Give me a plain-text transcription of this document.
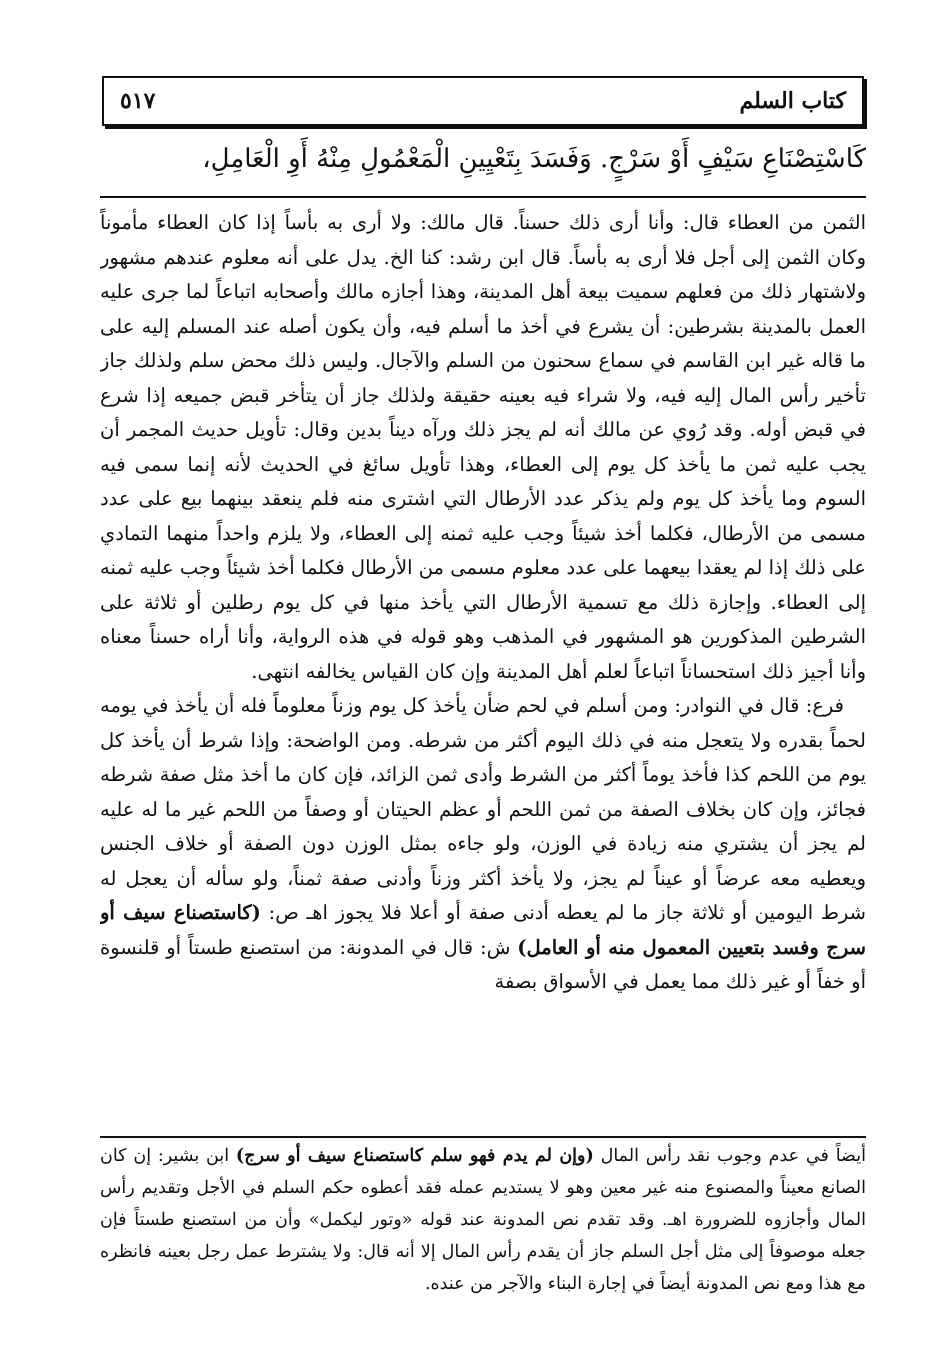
كتاب السلم
٥١٧
كَاسْتِصْنَاعِ سَيْفٍ أَوْ سَرْجٍ. وَفَسَدَ بِتَعْيِينِ الْمَعْمُولِ مِنْهُ أَوِ الْعَامِلِ،

الثمن من العطاء قال: وأنا أرى ذلك حسناً. قال مالك: ولا أرى به بأساً إذا كان العطاء مأموناً وكان الثمن إلى أجل فلا أرى به بأساً. قال ابن رشد: كنا الخ. يدل على أنه معلوم عندهم مشهور ولاشتهار ذلك من فعلهم سميت بيعة أهل المدينة، وهذا أجازه مالك وأصحابه اتباعاً لما جرى عليه العمل بالمدينة بشرطين: أن يشرع في أخذ ما أسلم فيه، وأن يكون أصله عند المسلم إليه على ما قاله غير ابن القاسم في سماع سحنون من السلم والآجال. وليس ذلك محض سلم ولذلك جاز تأخير رأس المال إليه فيه، ولا شراء فيه بعينه حقيقة ولذلك جاز أن يتأخر قبض جميعه إذا شرع في قبض أوله. وقد رُوي عن مالك أنه لم يجز ذلك ورآه ديناً بدين وقال: تأويل حديث المجمر أن يجب عليه ثمن ما يأخذ كل يوم إلى العطاء، وهذا تأويل سائغ في الحديث لأنه إنما سمى فيه السوم وما يأخذ كل يوم ولم يذكر عدد الأرطال التي اشترى منه فلم ينعقد بينهما بيع على عدد مسمى من الأرطال، فكلما أخذ شيئاً وجب عليه ثمنه إلى العطاء، ولا يلزم واحداً منهما التمادي على ذلك إذا لم يعقدا بيعهما على عدد معلوم مسمى من الأرطال فكلما أخذ شيئاً وجب عليه ثمنه إلى العطاء. وإجازة ذلك مع تسمية الأرطال التي يأخذ منها في كل يوم رطلين أو ثلاثة على الشرطين المذكورين هو المشهور في المذهب وهو قوله في هذه الرواية، وأنا أراه حسناً معناه وأنا أجيز ذلك استحساناً اتباعاً لعلم أهل المدينة وإن كان القياس يخالفه انتهى.

فرع: قال في النوادر: ومن أسلم في لحم ضأن يأخذ كل يوم وزناً معلوماً فله أن يأخذ في يومه لحماً بقدره ولا يتعجل منه في ذلك اليوم أكثر من شرطه. ومن الواضحة: وإذا شرط أن يأخذ كل يوم من اللحم كذا فأخذ يوماً أكثر من الشرط وأدى ثمن الزائد، فإن كان ما أخذ مثل صفة شرطه فجائز، وإن كان بخلاف الصفة من ثمن اللحم أو عظم الحيتان أو وصفاً من اللحم غير ما له عليه لم يجز أن يشتري منه زيادة في الوزن، ولو جاءه بمثل الوزن دون الصفة أو خلاف الجنس ويعطيه معه عرضاً أو عيناً لم يجز، ولا يأخذ أكثر وزناً وأدنى صفة ثمناً، ولو سأله أن يعجل له شرط اليومين أو ثلاثة جاز ما لم يعطه أدنى صفة أو أعلا فلا يجوز اهـ ص: (كاستصناع سيف أو سرج وفسد بتعيين المعمول منه أو العامل) ش: قال في المدونة: من استصنع طستاً أو قلنسوة أو خفاً أو غير ذلك مما يعمل في الأسواق بصفة

أيضاً في عدم وجوب نقد رأس المال (وإن لم يدم فهو سلم كاستصناع سيف أو سرج) ابن بشير: إن كان الصانع معيناً والمصنوع منه غير معين وهو لا يستديم عمله فقد أعطوه حكم السلم في الأجل وتقديم رأس المال وأجازوه للضرورة اهـ. وقد تقدم نص المدونة عند قوله «وتور ليكمل» وأن من استصنع طستاً فإن جعله موصوفاً إلى مثل أجل السلم جاز أن يقدم رأس المال إلا أنه قال: ولا يشترط عمل رجل بعينه فانظره مع هذا ومع نص المدونة أيضاً في إجارة البناء والآجر من عنده.
